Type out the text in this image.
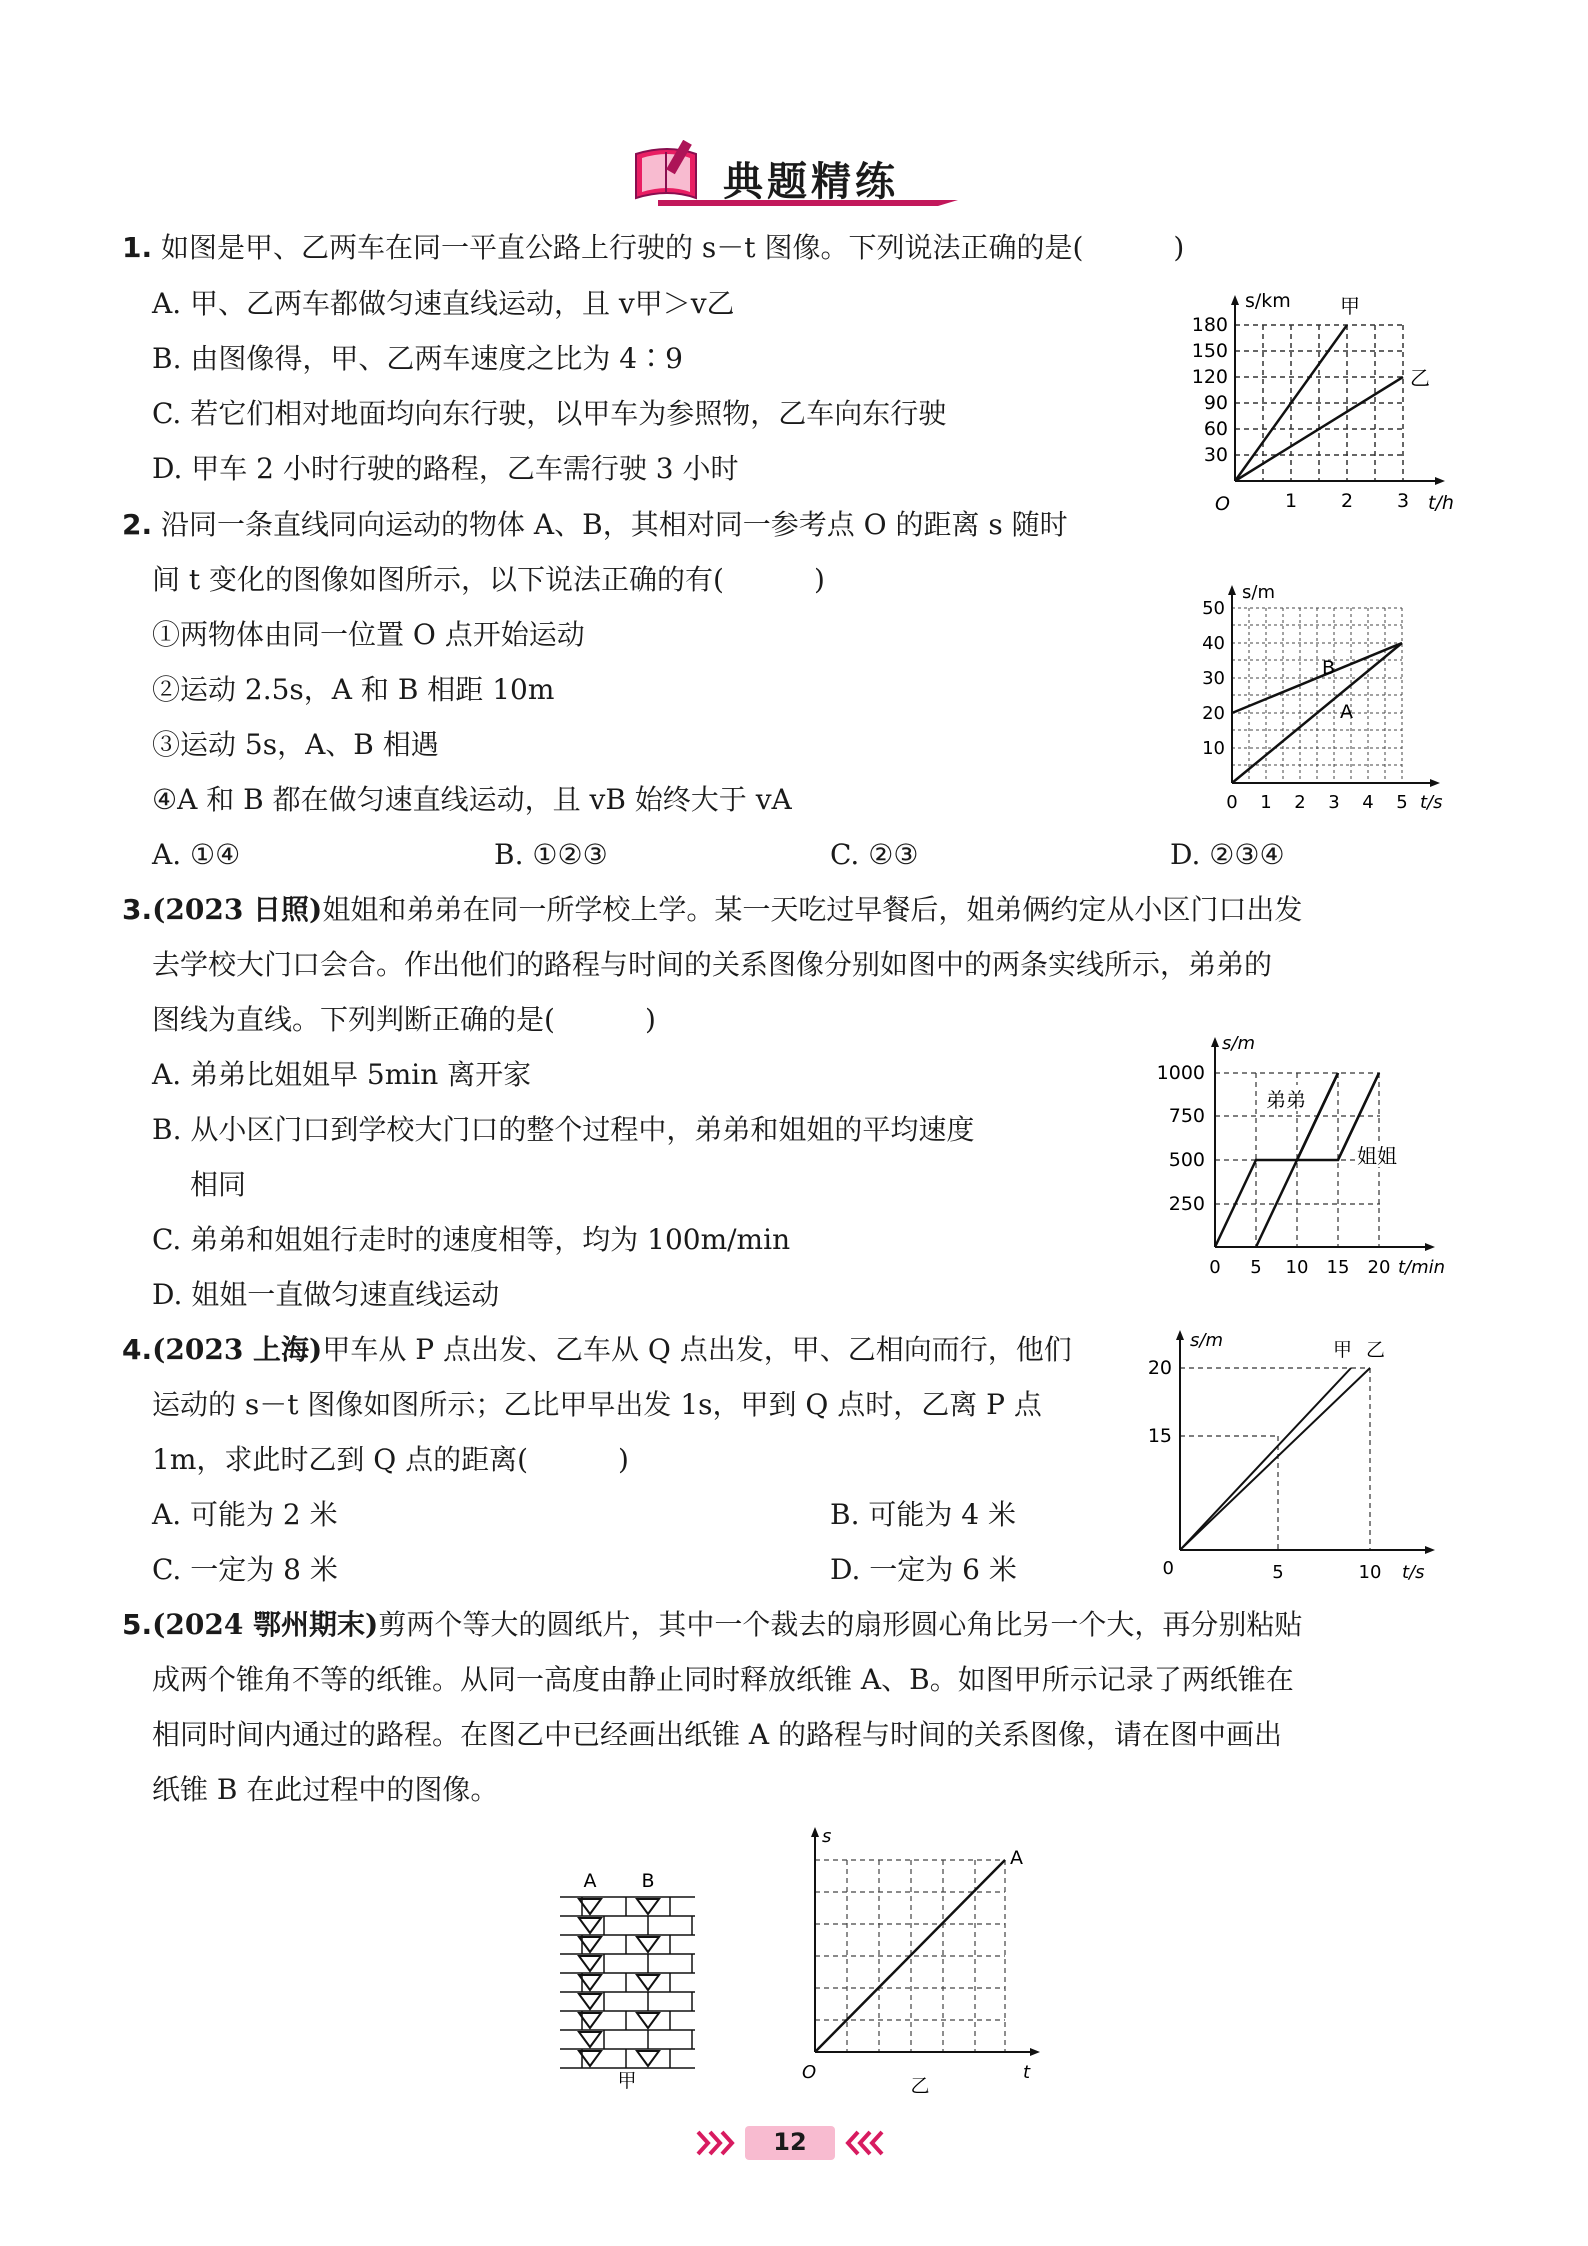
典题精练
1. 如图是甲、乙两车在同一平直公路上行驶的 s－t 图像。下列说法正确的是(	)
A. 甲、乙两车都做匀速直线运动，且 v甲＞v乙
B. 由图像得，甲、乙两车速度之比为 4∶9
C. 若它们相对地面均向东行驶，以甲车为参照物，乙车向东行驶
D. 甲车 2 小时行驶的路程，乙车需行驶 3 小时
s/km
t/h
O
30
60
90
120
150
180
1 2 3
甲
乙
2. 沿同一条直线同向运动的物体 A、B，其相对同一参考点 O 的距离 s 随时
间 t 变化的图像如图所示，以下说法正确的有(	)
①两物体由同一位置 O 点开始运动
②运动 2.5s，A 和 B 相距 10m
③运动 5s，A、B 相遇
④A 和 B 都在做匀速直线运动，且 vB 始终大于 vA
A. ①④	B. ①②③	C. ②③	D. ②③④
s/m
t/s
0
10
20
30
40
50
1 2 3 4 5
B
A
3.(2023 日照)姐姐和弟弟在同一所学校上学。某一天吃过早餐后，姐弟俩约定从小区门口出发
去学校大门口会合。作出他们的路程与时间的关系图像分别如图中的两条实线所示，弟弟的
图线为直线。下列判断正确的是(	)
A. 弟弟比姐姐早 5min 离开家
B. 从小区门口到学校大门口的整个过程中，弟弟和姐姐的平均速度
相同
C. 弟弟和姐姐行走时的速度相等，均为 100m/min
D. 姐姐一直做匀速直线运动
s/m
t/min
0
250
500
750
1000
5 10 15 20
弟弟
姐姐
4.(2023 上海)甲车从 P 点出发、乙车从 Q 点出发，甲、乙相向而行，他们
运动的 s－t 图像如图所示；乙比甲早出发 1s，甲到 Q 点时，乙离 P 点
1m，求此时乙到 Q 点的距离(	)
A. 可能为 2 米	B. 可能为 4 米
C. 一定为 8 米	D. 一定为 6 米
s/m
t/s
0
15
20
5	10
甲 乙
5.(2024 鄂州期末)剪两个等大的圆纸片，其中一个裁去的扇形圆心角比另一个大，再分别粘贴
成两个锥角不等的纸锥。从同一高度由静止同时释放纸锥 A、B。如图甲所示记录了两纸锥在
相同时间内通过的路程。在图乙中已经画出纸锥 A 的路程与时间的关系图像，请在图中画出
纸锥 B 在此过程中的图像。
A B
甲
s
t
O
A
乙
12
